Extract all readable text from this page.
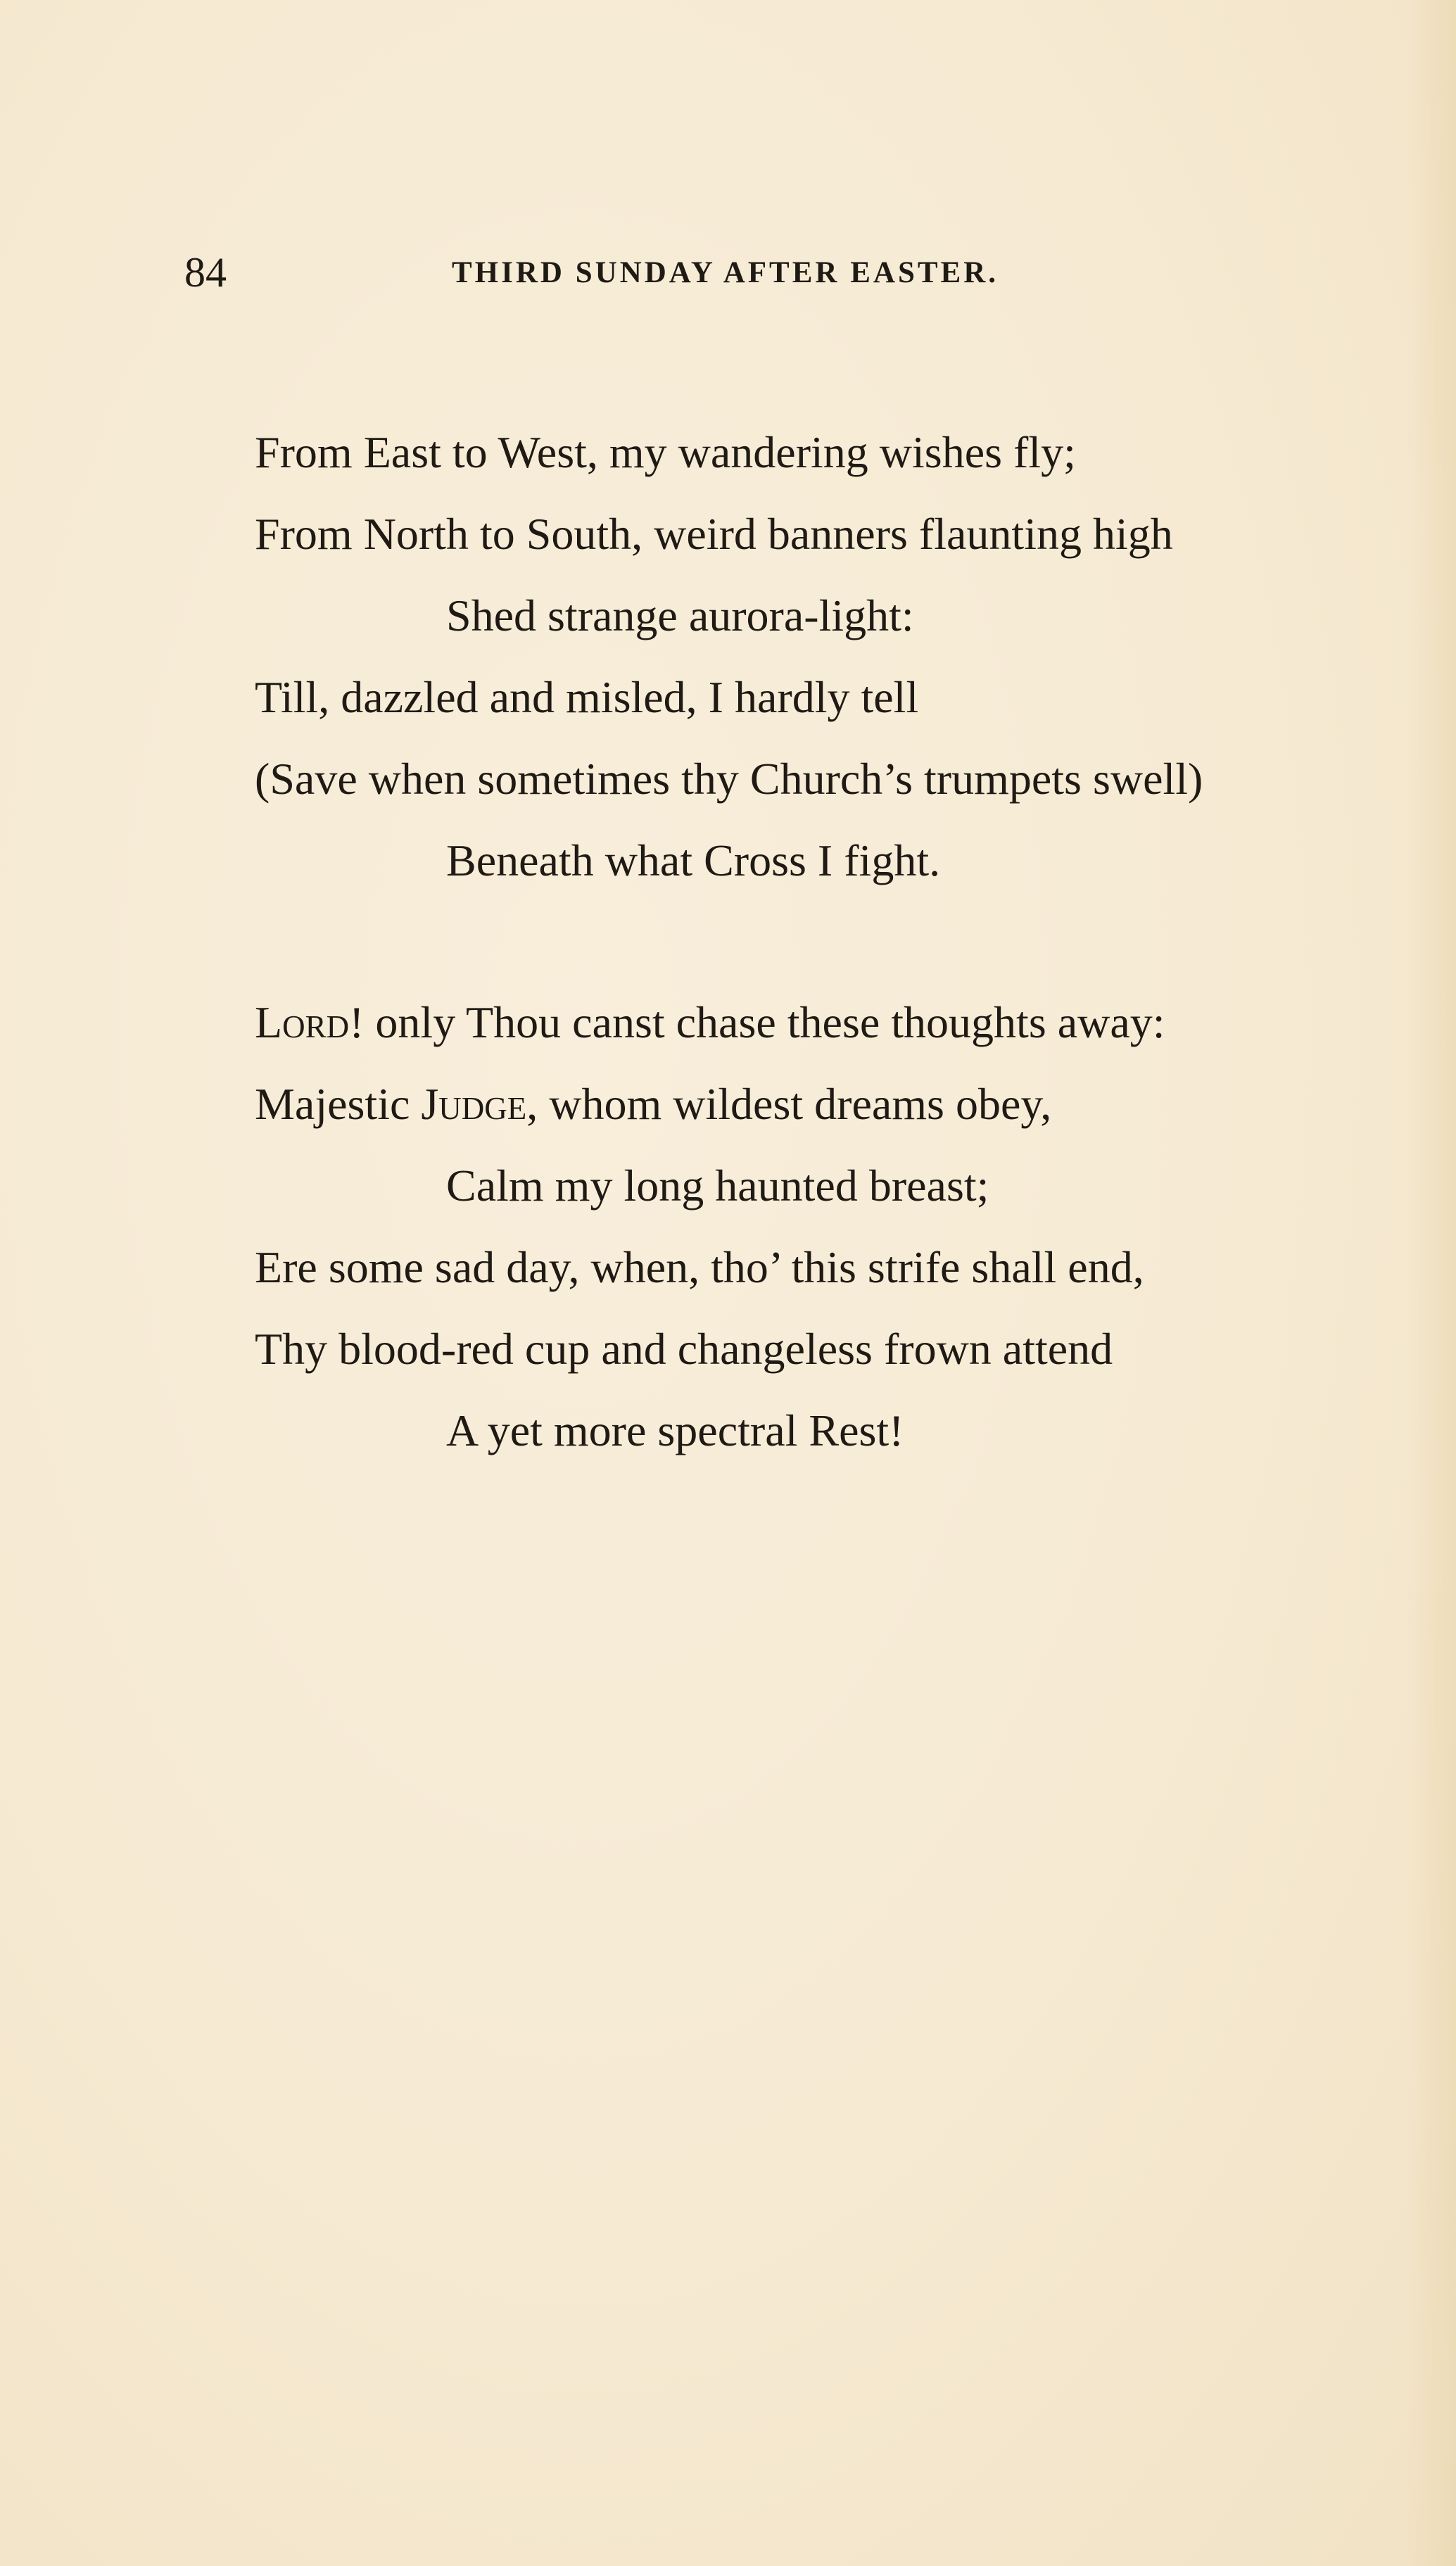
84	THIRD SUNDAY AFTER EASTER.
From East to West, my wandering wishes fly;
From North to South, weird banners flaunting high
Shed strange aurora-light:
Till, dazzled and misled, I hardly tell
(Save when sometimes thy Church’s trumpets swell)
Beneath what Cross I fight.
Lord! only Thou canst chase these thoughts away:
Majestic Judge, whom wildest dreams obey,
Calm my long haunted breast;
Ere some sad day, when, tho’ this strife shall end,
Thy blood-red cup and changeless frown attend
A yet more spectral Rest!
